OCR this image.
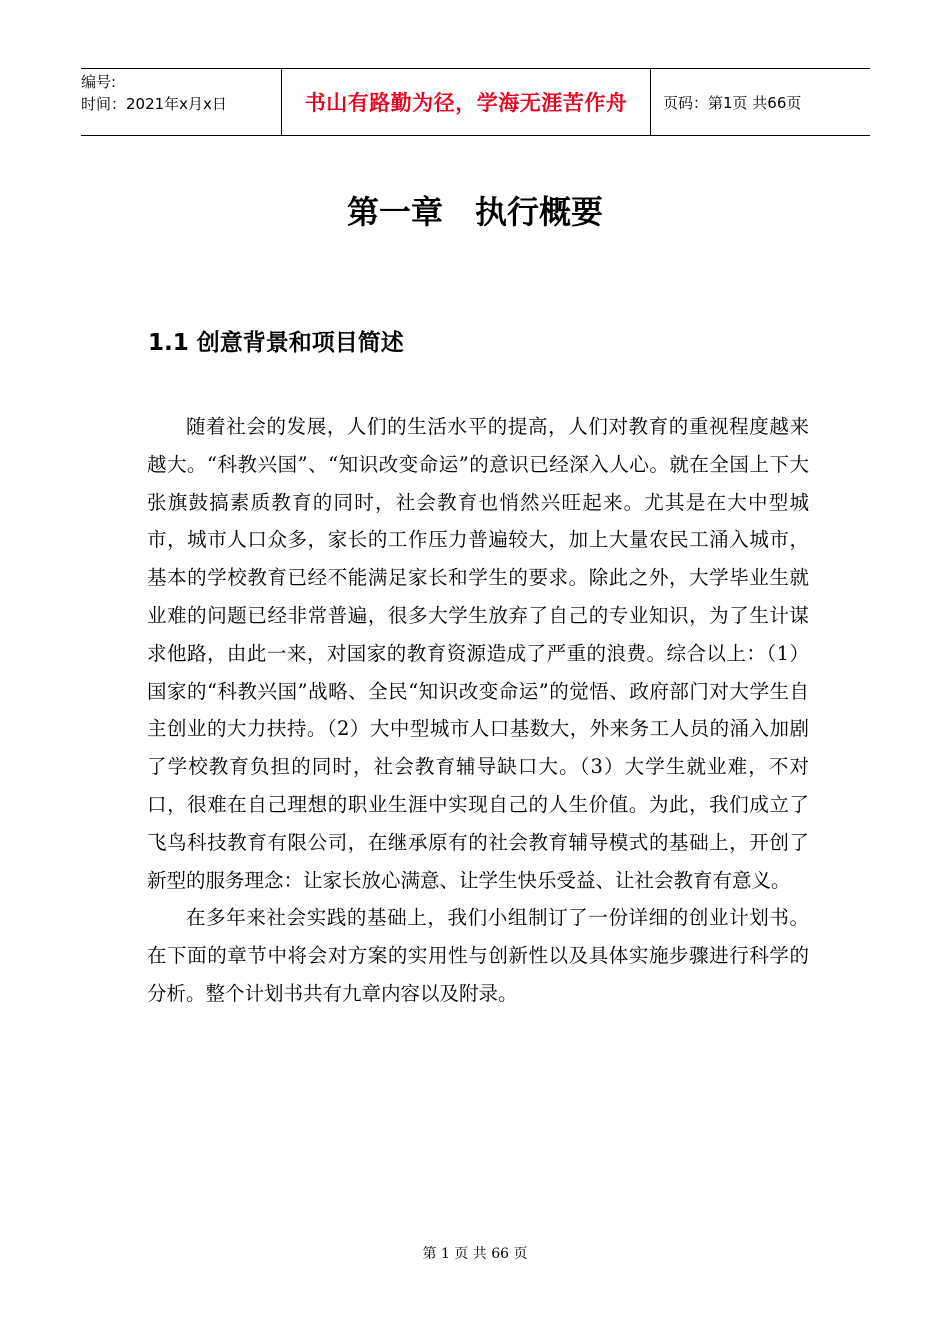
编号:
时间：2021年x月x日	书山有路勤为径，学海无涯苦作舟 页码：第1页 共66页
第一章　执行概要
1.1 创意背景和项目简述

随着社会的发展，人们的生活水平的提高，人们对教育的重视程度越来越大。“科教兴国”、“知识改变命运”的意识已经深入人心。就在全国上下大张旗鼓搞素质教育的同时，社会教育也悄然兴旺起来。尤其是在大中型城市，城市人口众多，家长的工作压力普遍较大，加上大量农民工涌入城市，基本的学校教育已经不能满足家长和学生的要求。除此之外，大学毕业生就业难的问题已经非常普遍，很多大学生放弃了自己的专业知识，为了生计谋求他路，由此一来，对国家的教育资源造成了严重的浪费。综合以上：（1）国家的“科教兴国”战略、全民“知识改变命运”的觉悟、政府部门对大学生自主创业的大力扶持。（2）大中型城市人口基数大，外来务工人员的涌入加剧了学校教育负担的同时，社会教育辅导缺口大。（3）大学生就业难，不对口，很难在自己理想的职业生涯中实现自己的人生价值。为此，我们成立了飞鸟科技教育有限公司，在继承原有的社会教育辅导模式的基础上，开创了新型的服务理念：让家长放心满意、让学生快乐受益、让社会教育有意义。

在多年来社会实践的基础上，我们小组制订了一份详细的创业计划书。在下面的章节中将会对方案的实用性与创新性以及具体实施步骤进行科学的分析。整个计划书共有九章内容以及附录。

第 1 页 共 66 页
